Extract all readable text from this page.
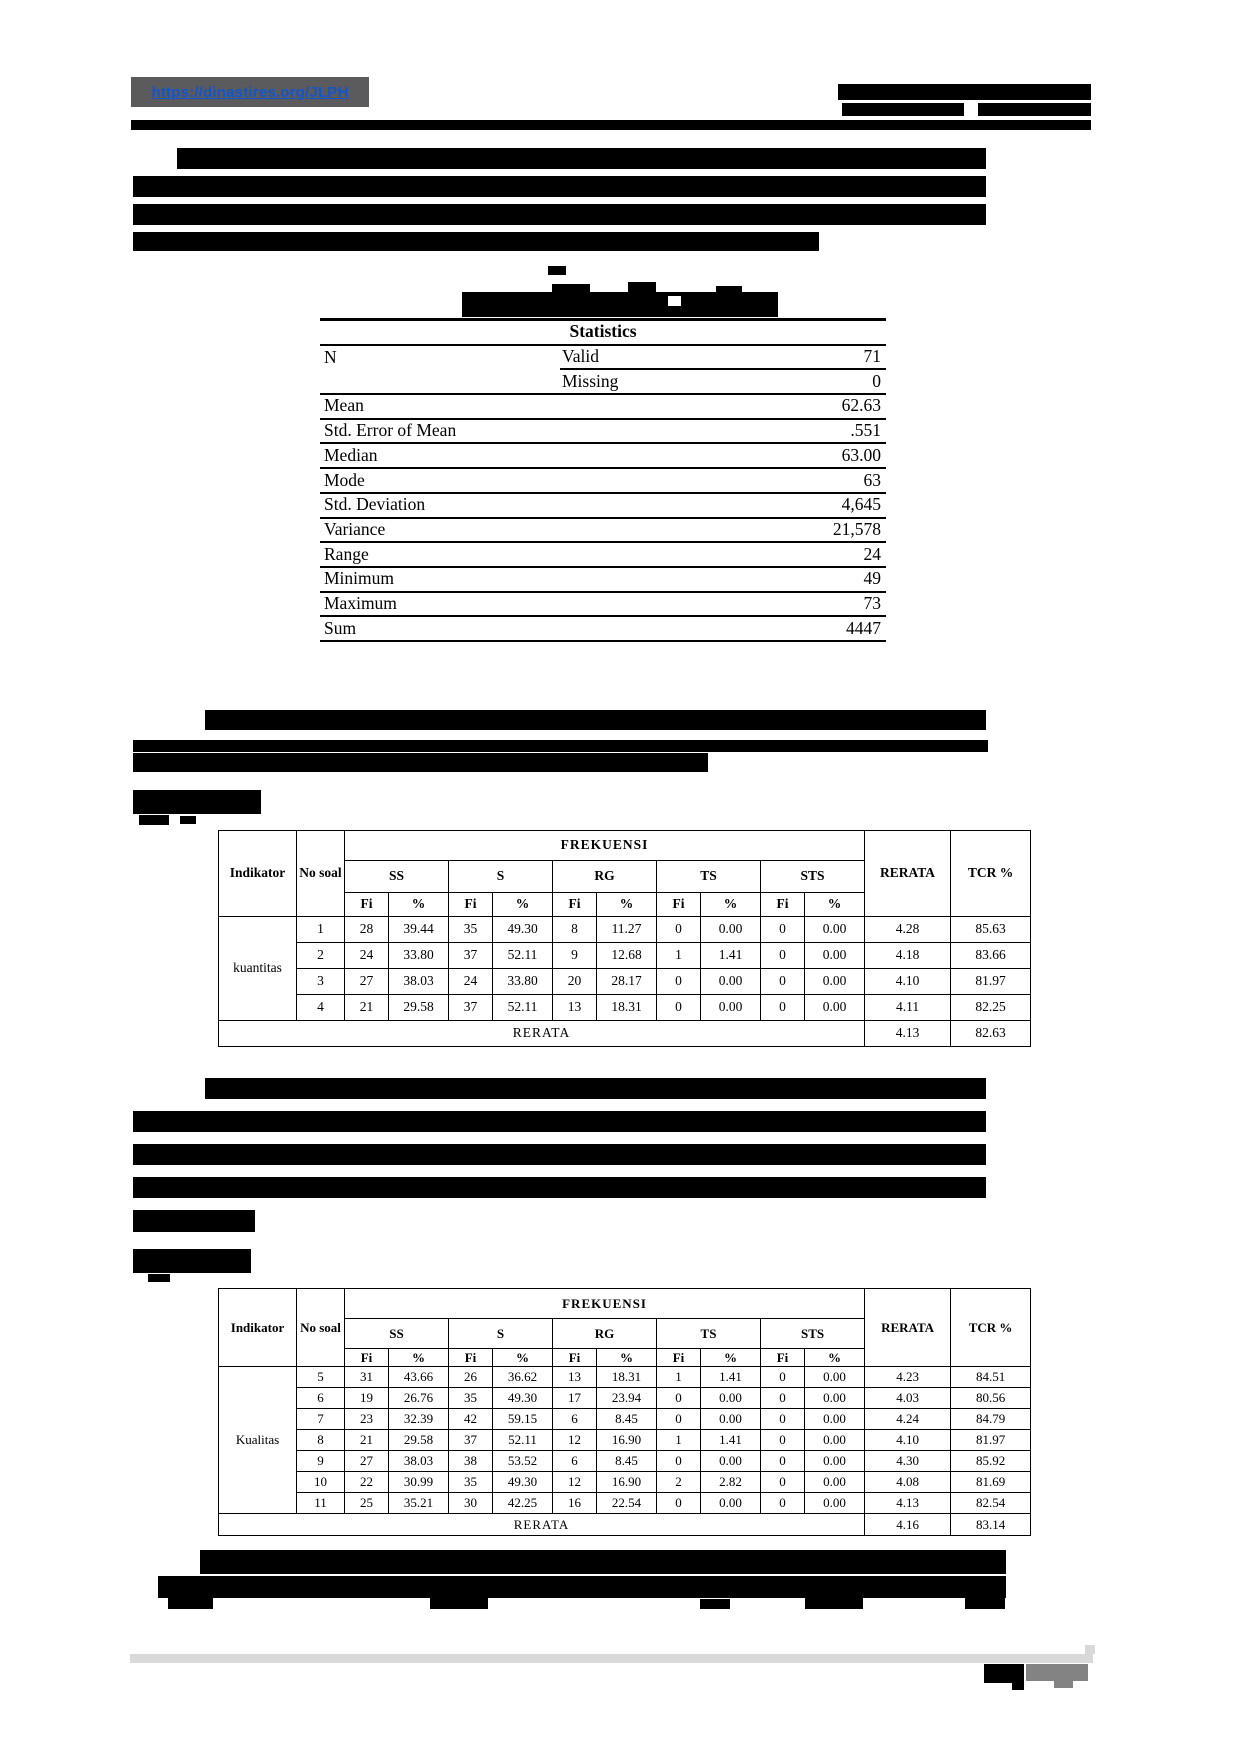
https://dinastires.org/JLPH
Statistics		
N	Valid	71
	Missing	0
Mean		62.63
Std. Error of Mean		.551
Median		63.00
Mode		63
Std. Deviation		4,645
Variance		21,578
Range		24
Minimum		49
Maximum		73
Sum		4447
Indikator	No soal	FREKUENSI										RERATA	TCR %
		SS		S		RG		TS		STS			
		Fi	%	Fi	%	Fi	%	Fi	%	Fi	%		
kuantitas	1	28	39.44	35	49.30	8	11.27	0	0.00	0	0.00	4.28	85.63
	2	24	33.80	37	52.11	9	12.68	1	1.41	0	0.00	4.18	83.66
	3	27	38.03	24	33.80	20	28.17	0	0.00	0	0.00	4.10	81.97
	4	21	29.58	37	52.11	13	18.31	0	0.00	0	0.00	4.11	82.25
RERATA												4.13	82.63
Indikator	No soal	FREKUENSI										RERATA	TCR %
		SS		S		RG		TS		STS			
		Fi	%	Fi	%	Fi	%	Fi	%	Fi	%		
Kualitas	5	31	43.66	26	36.62	13	18.31	1	1.41	0	0.00	4.23	84.51
	6	19	26.76	35	49.30	17	23.94	0	0.00	0	0.00	4.03	80.56
	7	23	32.39	42	59.15	6	8.45	0	0.00	0	0.00	4.24	84.79
	8	21	29.58	37	52.11	12	16.90	1	1.41	0	0.00	4.10	81.97
	9	27	38.03	38	53.52	6	8.45	0	0.00	0	0.00	4.30	85.92
	10	22	30.99	35	49.30	12	16.90	2	2.82	0	0.00	4.08	81.69
	11	25	35.21	30	42.25	16	22.54	0	0.00	0	0.00	4.13	82.54
RERATA												4.16	83.14
